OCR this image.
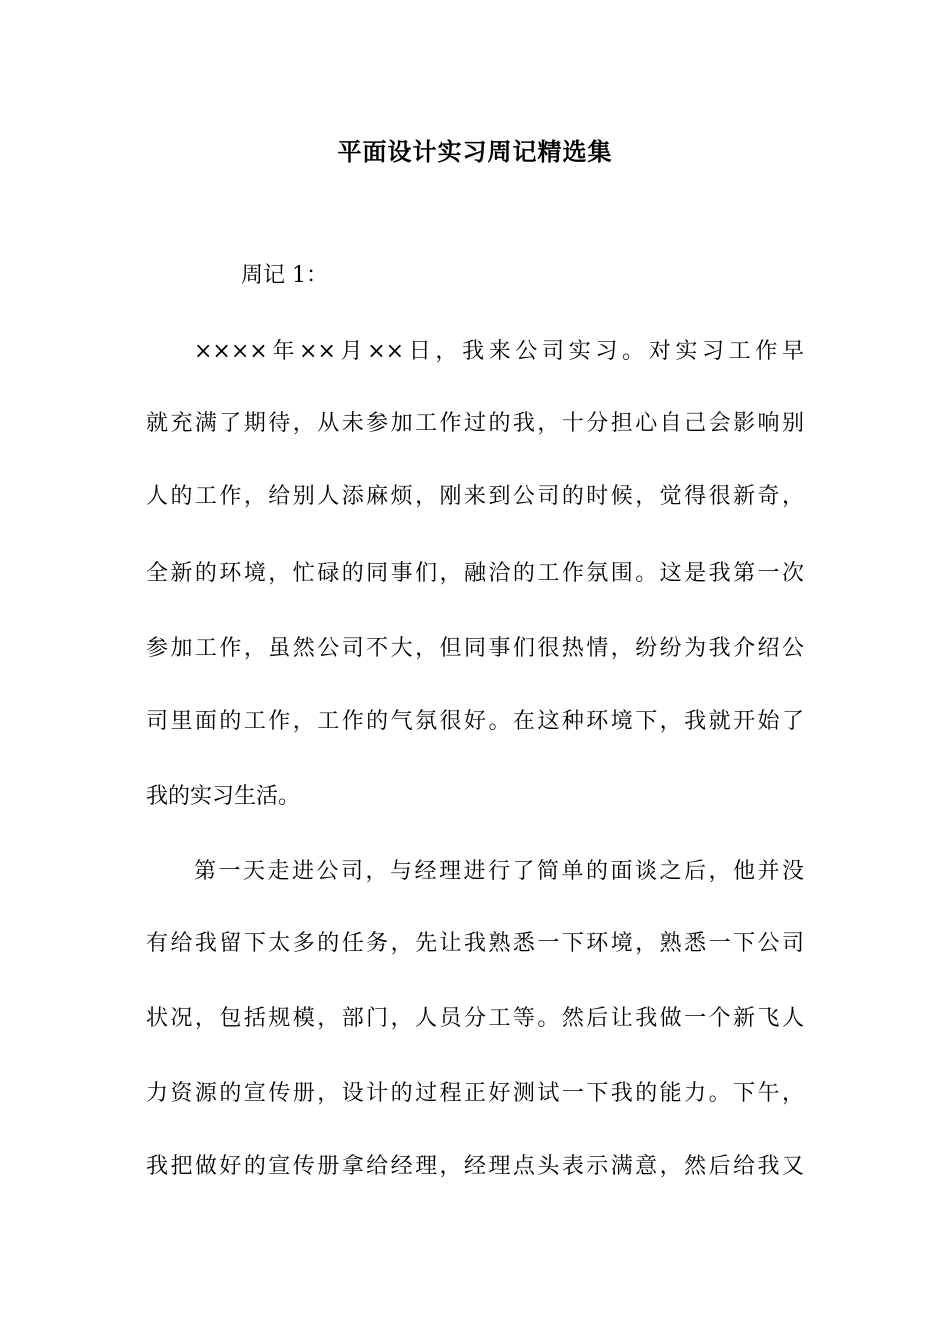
平面设计实习周记精选集
周记 1：
××××年××月××日，我来公司实习。对实习工作早
就充满了期待，从未参加工作过的我，十分担心自己会影响别
人的工作，给别人添麻烦，刚来到公司的时候，觉得很新奇，
全新的环境，忙碌的同事们，融洽的工作氛围。这是我第一次
参加工作，虽然公司不大，但同事们很热情，纷纷为我介绍公
司里面的工作，工作的气氛很好。在这种环境下，我就开始了
我的实习生活。
第一天走进公司，与经理进行了简单的面谈之后，他并没
有给我留下太多的任务，先让我熟悉一下环境，熟悉一下公司
状况，包括规模，部门，人员分工等。然后让我做一个新飞人
力资源的宣传册，设计的过程正好测试一下我的能力。下午，
我把做好的宣传册拿给经理，经理点头表示满意，然后给我又
